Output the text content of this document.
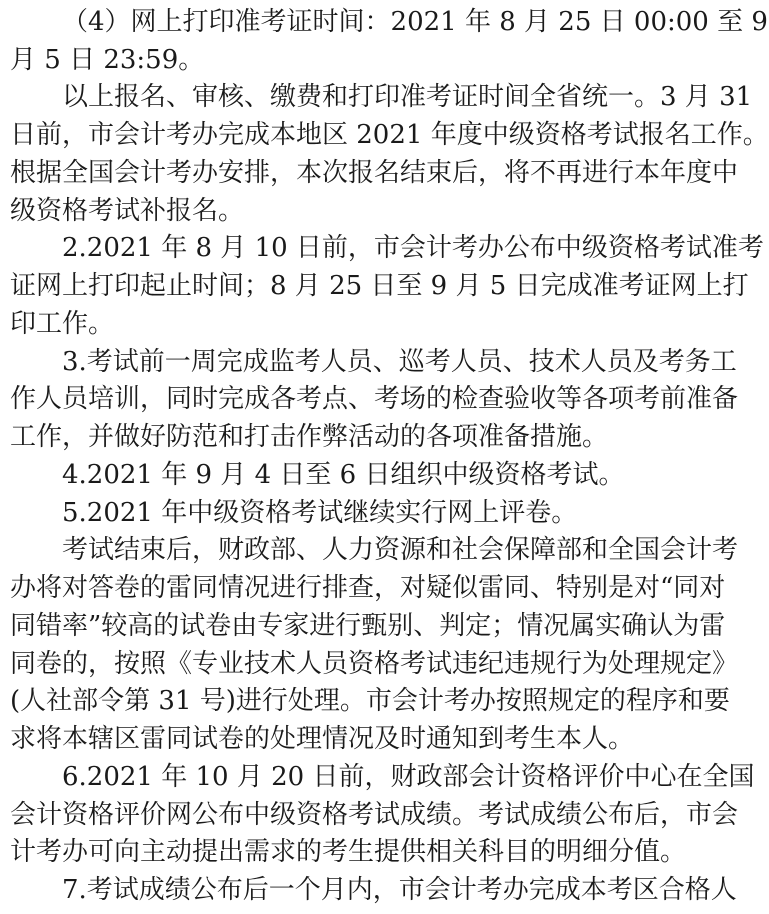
（4）网上打印准考证时间：2021 年 8 月 25 日 00:00 至 9
月 5 日 23:59。
以上报名、审核、缴费和打印准考证时间全省统一。3 月 31
日前，市会计考办完成本地区 2021 年度中级资格考试报名工作。
根据全国会计考办安排，本次报名结束后，将不再进行本年度中
级资格考试补报名。
2.2021 年 8 月 10 日前，市会计考办公布中级资格考试准考
证网上打印起止时间；8 月 25 日至 9 月 5 日完成准考证网上打
印工作。
3.考试前一周完成监考人员、巡考人员、技术人员及考务工
作人员培训，同时完成各考点、考场的检查验收等各项考前准备
工作，并做好防范和打击作弊活动的各项准备措施。
4.2021 年 9 月 4 日至 6 日组织中级资格考试。
5.2021 年中级资格考试继续实行网上评卷。
考试结束后，财政部、人力资源和社会保障部和全国会计考
办将对答卷的雷同情况进行排查，对疑似雷同、特别是对“同对
同错率”较高的试卷由专家进行甄别、判定；情况属实确认为雷
同卷的，按照《专业技术人员资格考试违纪违规行为处理规定》
(人社部令第 31 号)进行处理。市会计考办按照规定的程序和要
求将本辖区雷同试卷的处理情况及时通知到考生本人。
6.2021 年 10 月 20 日前，财政部会计资格评价中心在全国
会计资格评价网公布中级资格考试成绩。考试成绩公布后，市会
计考办可向主动提出需求的考生提供相关科目的明细分值。
7.考试成绩公布后一个月内，市会计考办完成本考区合格人
